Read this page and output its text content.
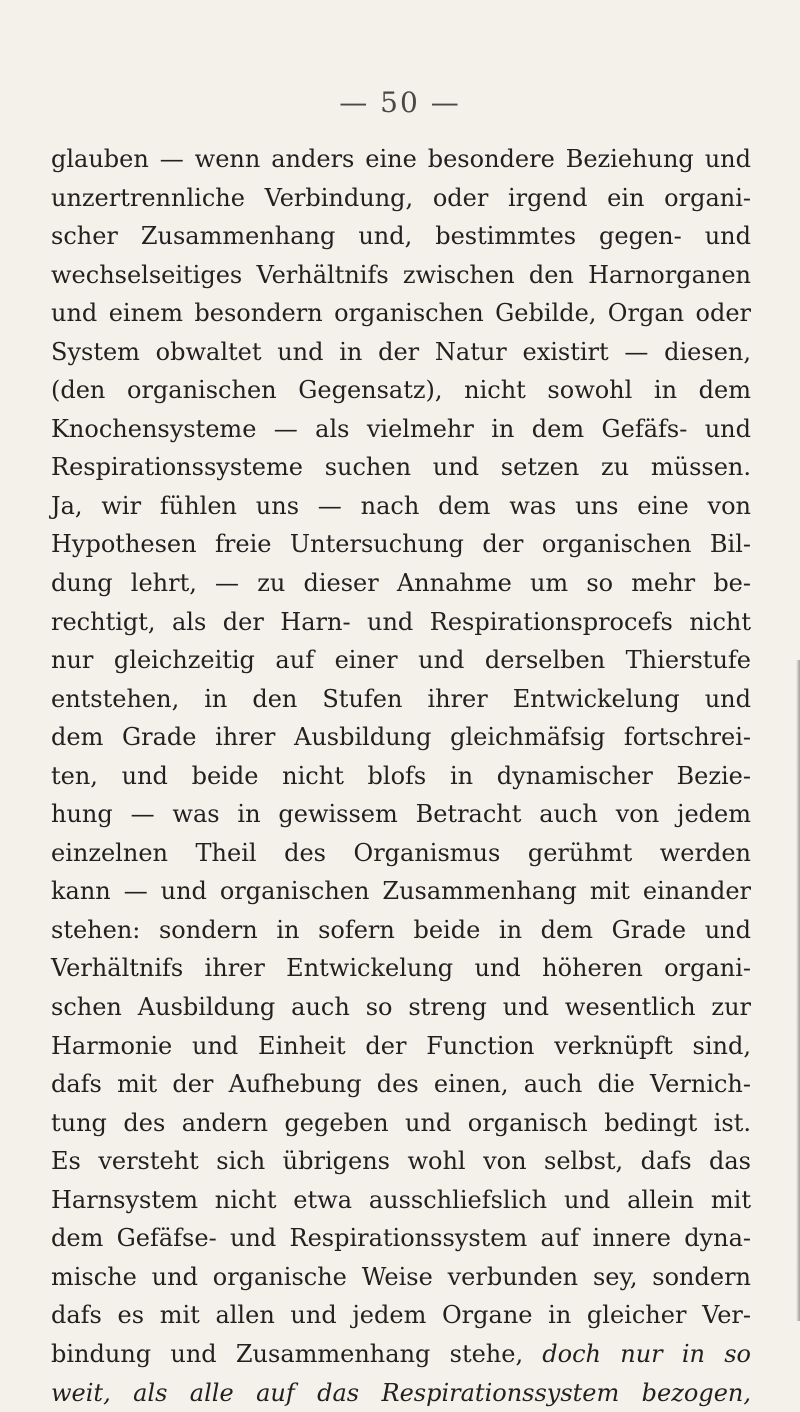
— 50 —
glauben — wenn anders eine besondere Beziehung und
unzertrennliche Verbindung, oder irgend ein organi-
scher Zusammenhang und, bestimmtes gegen- und
wechselseitiges Verhältnifs zwischen den Harnorganen
und einem besondern organischen Gebilde, Organ oder
System obwaltet und in der Natur existirt — diesen,
(den organischen Gegensatz), nicht sowohl in dem
Knochensysteme — als vielmehr in dem Gefäfs- und
Respirationssysteme suchen und setzen zu müssen.
Ja, wir fühlen uns — nach dem was uns eine von
Hypothesen freie Untersuchung der organischen Bil-
dung lehrt, — zu dieser Annahme um so mehr be-
rechtigt, als der Harn- und Respirationsprocefs nicht
nur gleichzeitig auf einer und derselben Thierstufe
entstehen, in den Stufen ihrer Entwickelung und
dem Grade ihrer Ausbildung gleichmäfsig fortschrei-
ten, und beide nicht blofs in dynamischer Bezie-
hung — was in gewissem Betracht auch von jedem
einzelnen Theil des Organismus gerühmt werden
kann — und organischen Zusammenhang mit einander
stehen: sondern in sofern beide in dem Grade und
Verhältnifs ihrer Entwickelung und höheren organi-
schen Ausbildung auch so streng und wesentlich zur
Harmonie und Einheit der Function verknüpft sind,
dafs mit der Aufhebung des einen, auch die Vernich-
tung des andern gegeben und organisch bedingt ist.
Es versteht sich übrigens wohl von selbst, dafs das
Harnsystem nicht etwa ausschliefslich und allein mit
dem Gefäfse- und Respirationssystem auf innere dyna-
mische und organische Weise verbunden sey, sondern
dafs es mit allen und jedem Organe in gleicher Ver-
bindung und Zusammenhang stehe, doch nur in so
weit, als alle auf das Respirationssystem bezogen,
